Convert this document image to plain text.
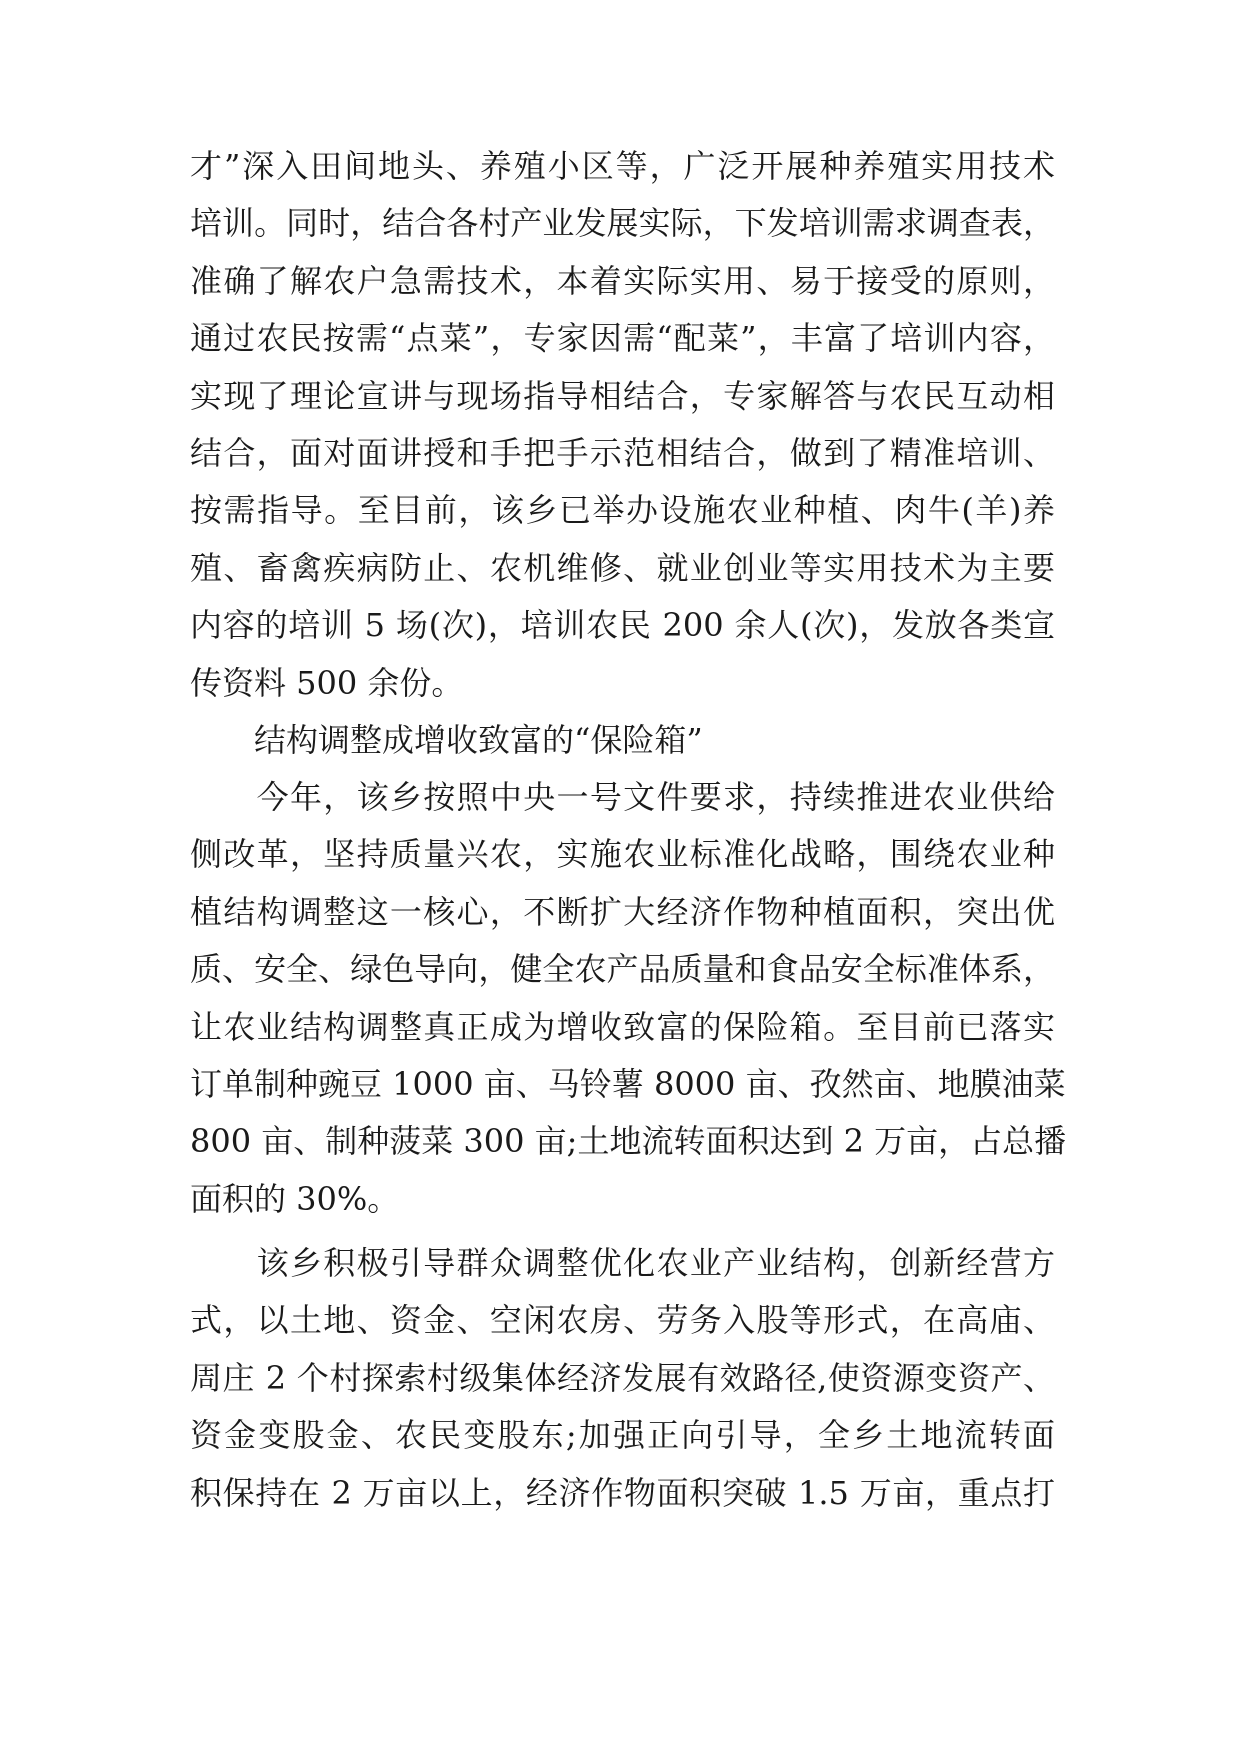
才”深入田间地头、养殖小区等，广泛开展种养殖实用技术
培训。同时，结合各村产业发展实际，下发培训需求调查表，
准确了解农户急需技术，本着实际实用、易于接受的原则，
通过农民按需“点菜”，专家因需“配菜”，丰富了培训内容，
实现了理论宣讲与现场指导相结合，专家解答与农民互动相
结合，面对面讲授和手把手示范相结合，做到了精准培训、
按需指导。至目前，该乡已举办设施农业种植、肉牛(羊)养
殖、畜禽疾病防止、农机维修、就业创业等实用技术为主要
内容的培训 5 场(次)，培训农民 200 余人(次)，发放各类宣
传资料 500 余份。
结构调整成增收致富的“保险箱”
　　今年，该乡按照中央一号文件要求，持续推进农业供给
侧改革，坚持质量兴农，实施农业标准化战略，围绕农业种
植结构调整这一核心，不断扩大经济作物种植面积，突出优
质、安全、绿色导向，健全农产品质量和食品安全标准体系，
让农业结构调整真正成为增收致富的保险箱。至目前已落实
订单制种豌豆 1000 亩、马铃薯 8000 亩、孜然亩、地膜油菜
800 亩、制种菠菜 300 亩;土地流转面积达到 2 万亩，占总播
面积的 30%。
　　该乡积极引导群众调整优化农业产业结构，创新经营方
式，以土地、资金、空闲农房、劳务入股等形式，在高庙、
周庄 2 个村探索村级集体经济发展有效路径,使资源变资产、
资金变股金、农民变股东;加强正向引导，全乡土地流转面
积保持在 2 万亩以上，经济作物面积突破 1.5 万亩，重点打
